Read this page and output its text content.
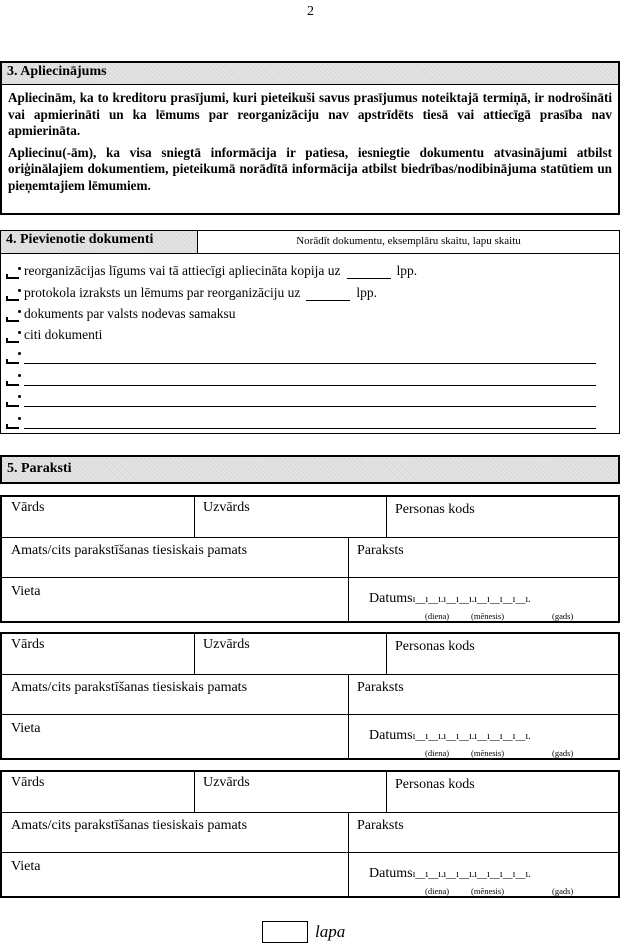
2
3. Apliecinājums
Apliecinām, ka to kreditoru prasījumi, kuri pieteikuši savus prasījumus noteiktajā termiņā, ir nodrošināti vai apmierināti un ka lēmums par reorganizāciju nav apstrīdēts tiesā vai attiecīgā prasība nav apmierināta.
Apliecinu(-ām), ka visa sniegtā informācija ir patiesa, iesniegtie dokumentu atvasinājumi atbilst oriģinālajiem dokumentiem, pieteikumā norādītā informācija atbilst biedrības/nodibinājuma statūtiem un pieņemtajiem lēmumiem.
4. Pievienotie dokumenti	Norādīt dokumentu, eksemplāru skaitu, lapu skaitu
reorganizācijas līgums vai tā attiecīgi apliecināta kopija uz	lpp.
protokola izraksts un lēmums par reorganizāciju uz	lpp.
dokuments par valsts nodevas samaksu
citi dokumenti
5. Paraksti
Vārds	Uzvārds	Personas kods
Amats/cits parakstīšanas tiesiskais pamats	Paraksts
Vieta	Datumsı__ı__ı.ı__ı__ı.ı__ı__ı__ı__ı.
(diena)	(mēnesis)	(gads)
Vārds	Uzvārds	Personas kods
Amats/cits parakstīšanas tiesiskais pamats	Paraksts
Vieta	Datumsı__ı__ı.ı__ı__ı.ı__ı__ı__ı__ı.
(diena)	(mēnesis)	(gads)
Vārds	Uzvārds	Personas kods
Amats/cits parakstīšanas tiesiskais pamats	Paraksts
Vieta	Datumsı__ı__ı.ı__ı__ı.ı__ı__ı__ı__ı.
(diena)	(mēnesis)	(gads)
lapa
